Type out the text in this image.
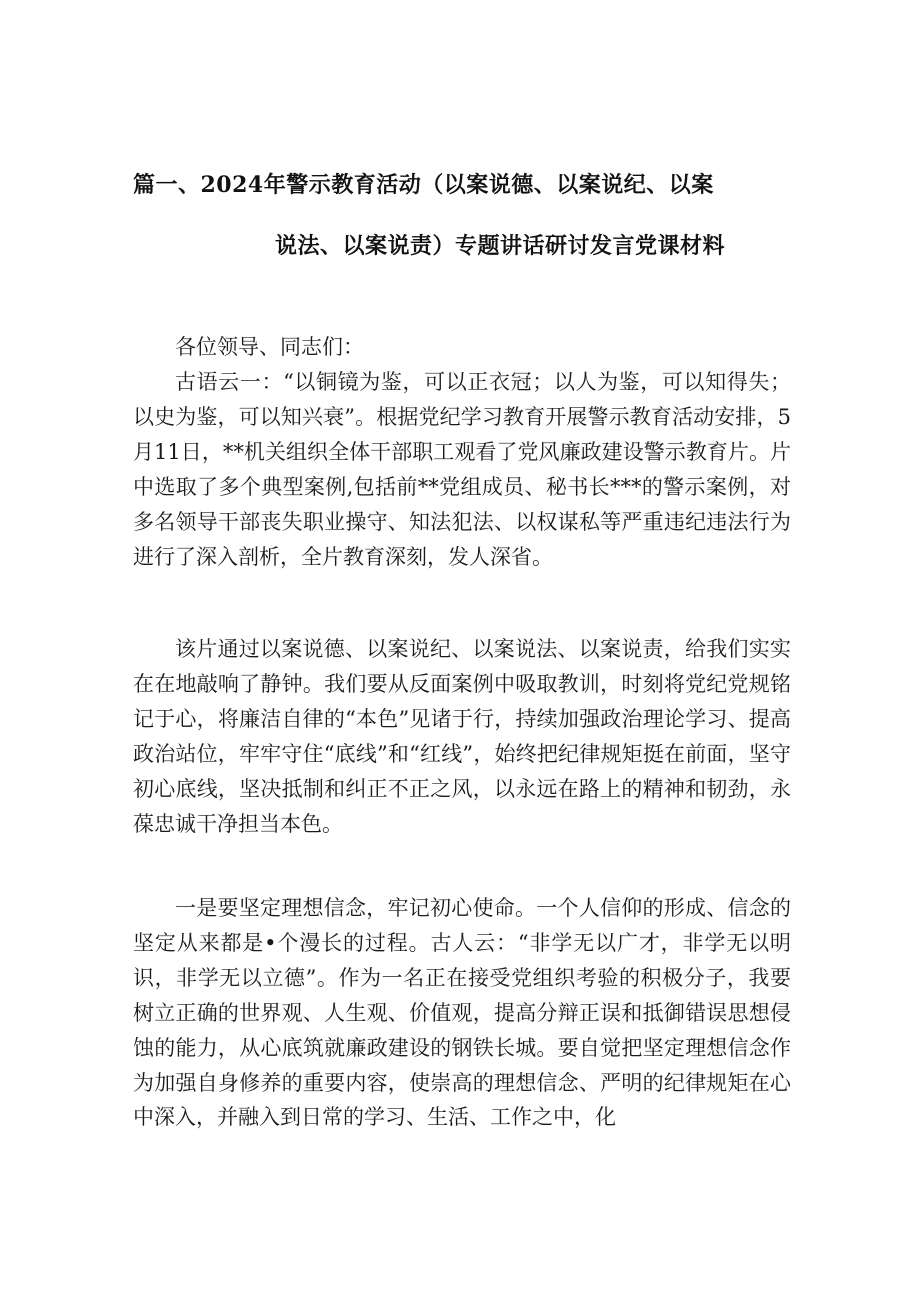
篇一、2024年警示教育活动（以案说德、以案说纪、以案
说法、以案说责）专题讲话研讨发言党课材料

各位领导、同志们：

古语云一：“以铜镜为鉴，可以正衣冠；以人为鉴，可以知得失；以史为鉴，可以知兴衰”。根据党纪学习教育开展警示教育活动安排，5月11日，**机关组织全体干部职工观看了党风廉政建设警示教育片。片中选取了多个典型案例,包括前**党组成员、秘书长***的警示案例，对多名领导干部丧失职业操守、知法犯法、以权谋私等严重违纪违法行为进行了深入剖析，全片教育深刻，发人深省。

该片通过以案说德、以案说纪、以案说法、以案说责，给我们实实在在地敲响了静钟。我们要从反面案例中吸取教训，时刻将党纪党规铭记于心，将廉洁自律的“本色”见诸于行，持续加强政治理论学习、提高政治站位，牢牢守住“底线”和“红线”，始终把纪律规矩挺在前面，坚守初心底线，坚决抵制和纠正不正之风，以永远在路上的精神和韧劲，永葆忠诚干净担当本色。

一是要坚定理想信念，牢记初心使命。一个人信仰的形成、信念的坚定从来都是•个漫长的过程。古人云：“非学无以广才，非学无以明识，非学无以立德”。作为一名正在接受党组织考验的积极分子，我要树立正确的世界观、人生观、价值观，提高分辩正误和抵御错误思想侵蚀的能力，从心底筑就廉政建设的钢铁长城。要自觉把坚定理想信念作为加强自身修养的重要内容，使崇高的理想信念、严明的纪律规矩在心中深入，并融入到日常的学习、生活、工作之中，化
